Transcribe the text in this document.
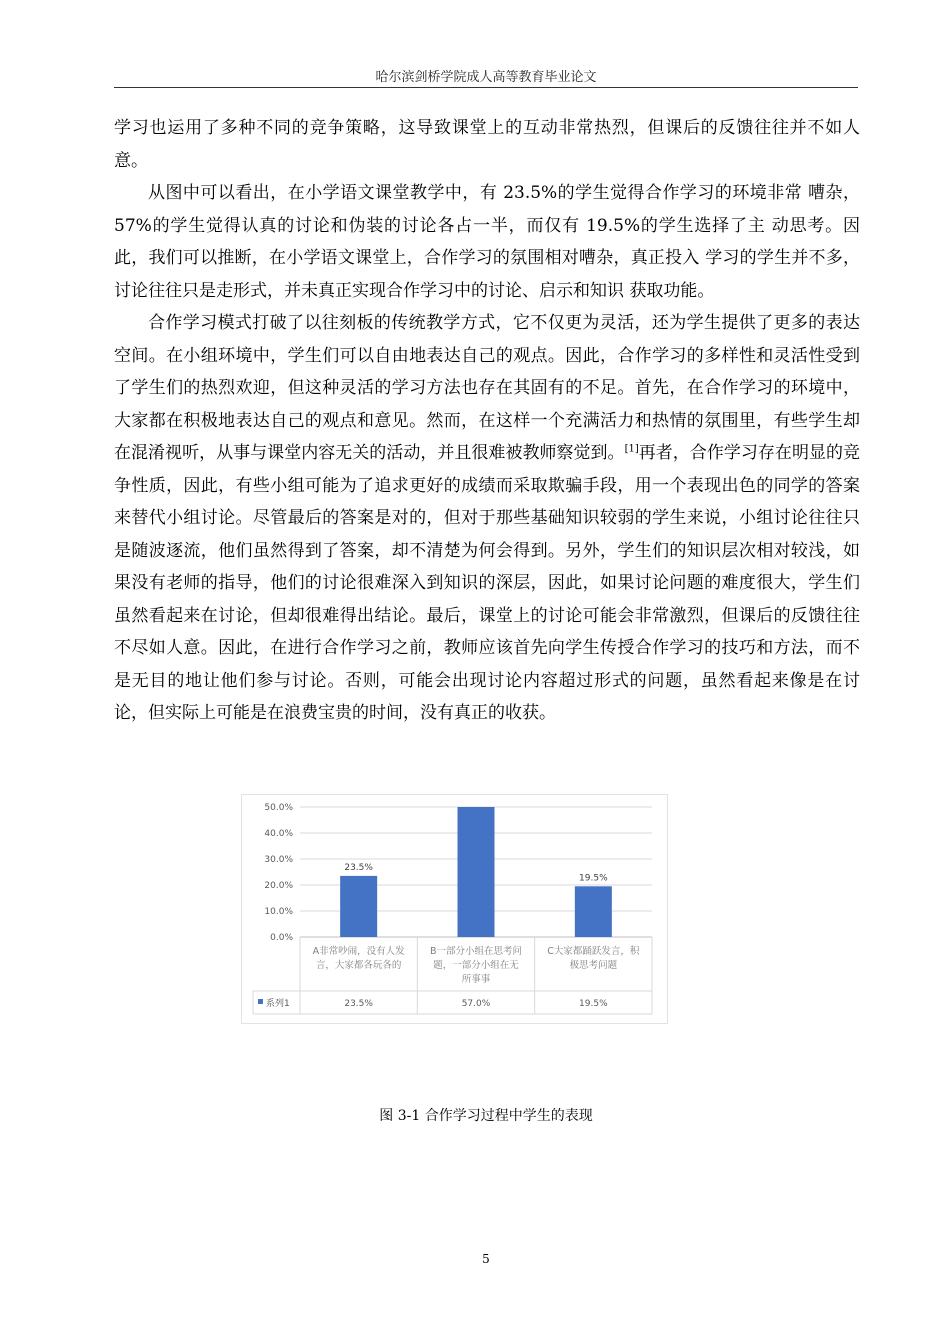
哈尔滨剑桥学院成人高等教育毕业论文

学习也运用了多种不同的竞争策略，这导致课堂上的互动非常热烈，但课后的反馈往往并不如人意。

从图中可以看出，在小学语文课堂教学中，有 23.5%的学生觉得合作学习的环境非常 嘈杂，57%的学生觉得认真的讨论和伪装的讨论各占一半，而仅有 19.5%的学生选择了主 动思考。因此，我们可以推断，在小学语文课堂上，合作学习的氛围相对嘈杂，真正投入 学习的学生并不多，讨论往往只是走形式，并未真正实现合作学习中的讨论、启示和知识 获取功能。

合作学习模式打破了以往刻板的传统教学方式，它不仅更为灵活，还为学生提供了更多的表达空间。在小组环境中，学生们可以自由地表达自己的观点。因此，合作学习的多样性和灵活性受到了学生们的热烈欢迎，但这种灵活的学习方法也存在其固有的不足。首先，在合作学习的环境中，大家都在积极地表达自己的观点和意见。然而，在这样一个充满活力和热情的氛围里，有些学生却在混淆视听，从事与课堂内容无关的活动，并且很难被教师察觉到。[1]再者，合作学习存在明显的竞争性质，因此，有些小组可能为了追求更好的成绩而采取欺骗手段，用一个表现出色的同学的答案来替代小组讨论。尽管最后的答案是对的，但对于那些基础知识较弱的学生来说，小组讨论往往只是随波逐流，他们虽然得到了答案，却不清楚为何会得到。另外，学生们的知识层次相对较浅，如果没有老师的指导，他们的讨论很难深入到知识的深层，因此，如果讨论问题的难度很大，学生们虽然看起来在讨论，但却很难得出结论。最后，课堂上的讨论可能会非常激烈，但课后的反馈往往不尽如人意。因此，在进行合作学习之前，教师应该首先向学生传授合作学习的技巧和方法，而不是无目的地让他们参与讨论。否则，可能会出现讨论内容超过形式的问题，虽然看起来像是在讨论，但实际上可能是在浪费宝贵的时间，没有真正的收获。

0.0%
10.0%
20.0%
30.0%
40.0%
50.0%
23.5%
19.5%
A非常吵闹，没有人发
言，大家都各玩各的
B一部分小组在思考问
题，一部分小组在无
所事事
C大家都踊跃发言，积
极思考问题
系列1	23.5%	57.0%	19.5%
图 3-1 合作学习过程中学生的表现
5
